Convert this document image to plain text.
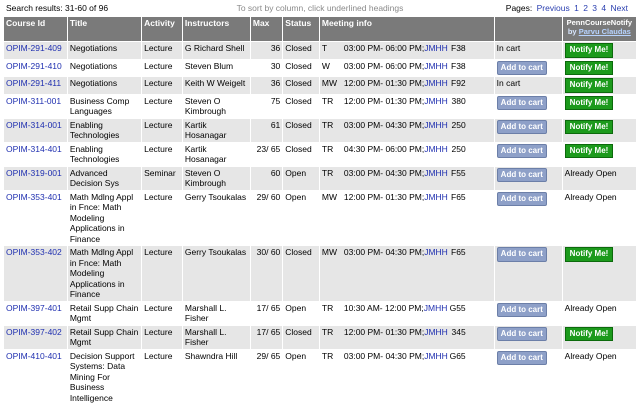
Search results: 31-60 of 96	To sort by column, click underlined headings	Pages: Previous 1 2 3 4 Next
Course Id	Title	Activity	Instructors	Max	Status	Meeting info		PennCourseNotify
by Parvu Claudas

OPIM-291-409	Negotiations	Lecture	G Richard Shell	36	Closed	T 03:00 PM- 06:00 PM;JMHH F38	In cart	Notify Me!
OPIM-291-410	Negotiations	Lecture	Steven Blum	30	Closed	W 03:00 PM- 06:00 PM;JMHH F38	Add to cart	Notify Me!
OPIM-291-411	Negotiations	Lecture	Keith W Weigelt	36	Closed	MW 12:00 PM- 01:30 PM;JMHH F92	In cart	Notify Me!
OPIM-311-001	Business Comp Languages	Lecture	Steven O Kimbrough	75	Closed	TR 12:00 PM- 01:30 PM;JMHH 380	Add to cart	Notify Me!
OPIM-314-001	Enabling Technologies	Lecture	Kartik Hosanagar	61	Closed	TR 03:00 PM- 04:30 PM;JMHH 250	Add to cart	Notify Me!
OPIM-314-401	Enabling Technologies	Lecture	Kartik Hosanagar	23/ 65	Closed	TR 04:30 PM- 06:00 PM;JMHH 250	Add to cart	Notify Me!
OPIM-319-001	Advanced Decision Sys	Seminar	Steven O Kimbrough	60	Open	TR 03:00 PM- 04:30 PM;JMHH F55	Add to cart	Already Open
OPIM-353-401	Math Mdlng Appl in Fnce: Math Modeling Applications in Finance	Lecture	Gerry Tsoukalas	29/ 60	Open	MW 12:00 PM- 01:30 PM;JMHH F65	Add to cart	Already Open
OPIM-353-402	Math Mdlng Appl in Fnce: Math Modeling Applications in Finance	Lecture	Gerry Tsoukalas	30/ 60	Closed	MW 03:00 PM- 04:30 PM;JMHH F65	Add to cart	Notify Me!
OPIM-397-401	Retail Supp Chain Mgmt	Lecture	Marshall L. Fisher	17/ 65	Open	TR 10:30 AM- 12:00 PM;JMHH G55	Add to cart	Already Open
OPIM-397-402	Retail Supp Chain Mgmt	Lecture	Marshall L. Fisher	17/ 65	Closed	TR 12:00 PM- 01:30 PM;JMHH 345	Add to cart	Notify Me!
OPIM-410-401	Decision Support Systems: Data Mining For Business Intelligence	Lecture	Shawndra Hill	29/ 65	Open	TR 03:00 PM- 04:30 PM;JMHH G65	Add to cart	Already Open
